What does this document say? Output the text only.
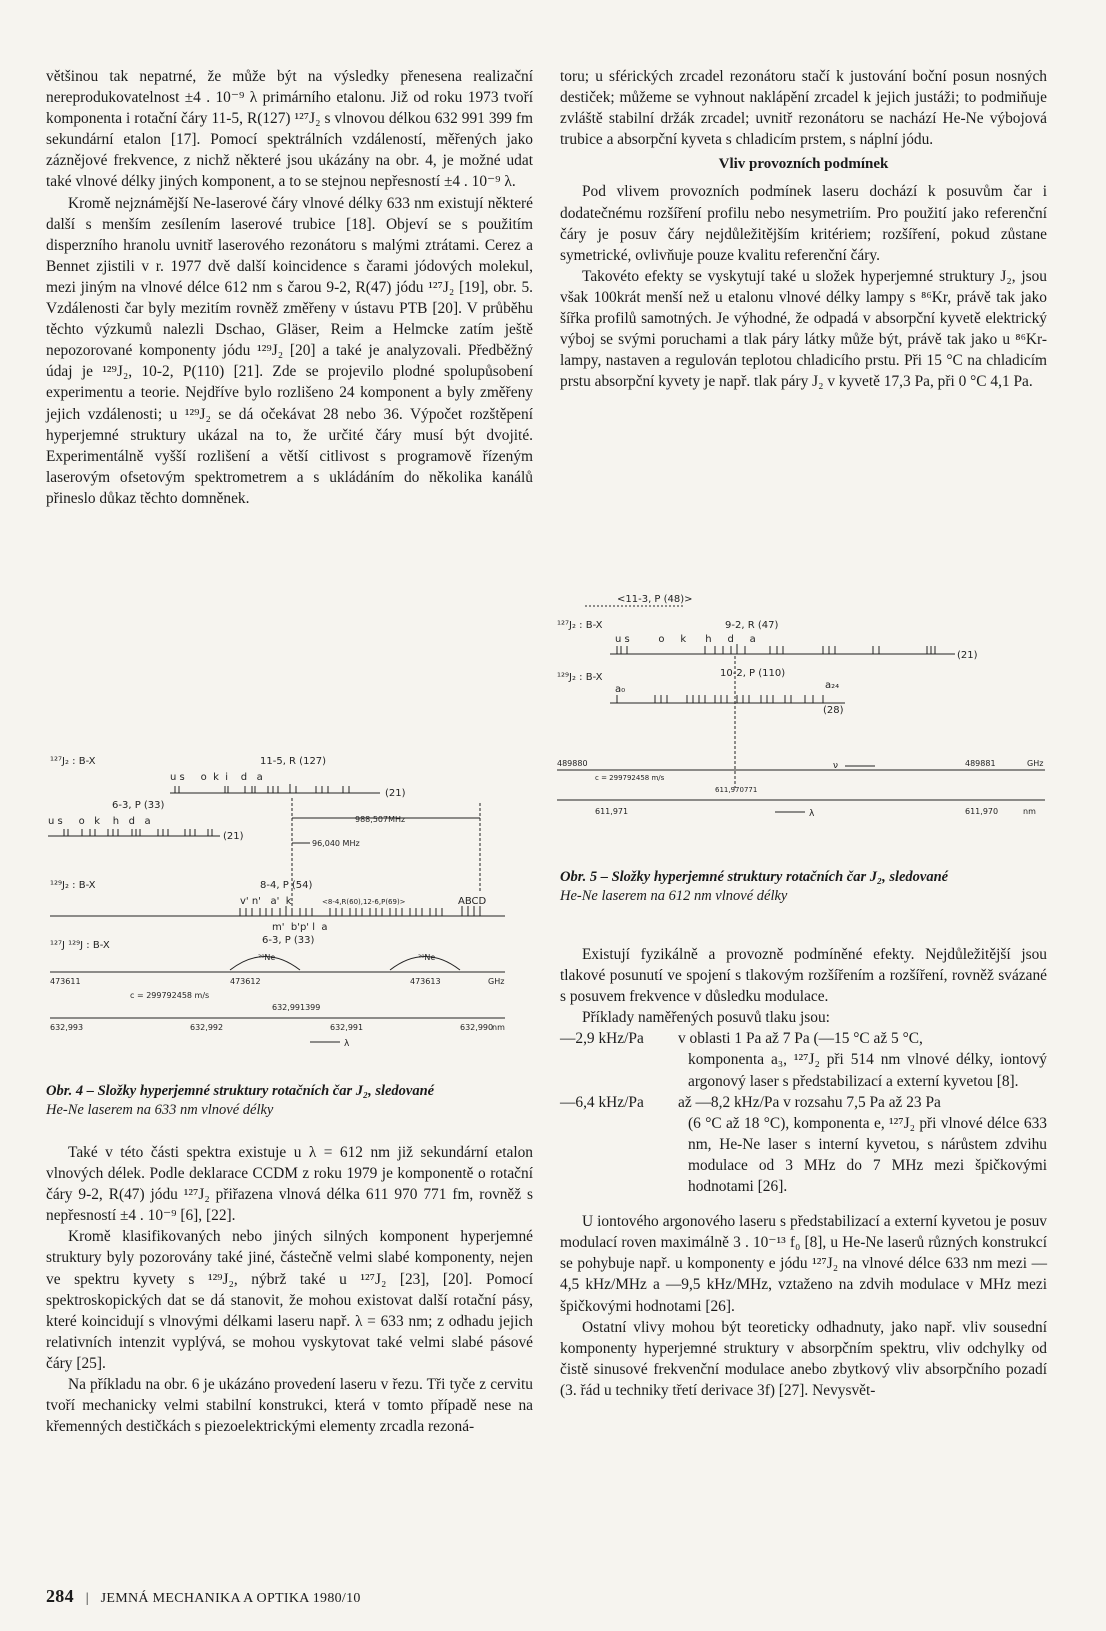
většinou tak nepatrné, že může být na výsledky přenesena realizační nereprodukovatelnost ±4 . 10⁻⁹ λ primárního etalonu. Již od roku 1973 tvoří komponenta i rotační čáry 11-5, R(127) ¹²⁷J₂ s vlnovou délkou 632 991 399 fm sekundární etalon [17]. Pomocí spektrálních vzdáleností, měřených jako záznějové frekvence, z nichž některé jsou ukázány na obr. 4, je možné udat také vlnové délky jiných komponent, a to se stejnou nepřesností ±4 . 10⁻⁹ λ.

Kromě nejznámější Ne-laserové čáry vlnové délky 633 nm existují některé další s menším zesílením laserové trubice [18]. Objeví se s použitím disperzního hranolu uvnitř laserového rezonátoru s malými ztrátami. Cerez a Bennet zjistili v r. 1977 dvě další koincidence s čarami jódových molekul, mezi jiným na vlnové délce 612 nm s čarou 9-2, R(47) jódu ¹²⁷J₂ [19], obr. 5. Vzdálenosti čar byly mezitím rovněž změřeny v ústavu PTB [20]. V průběhu těchto výzkumů nalezli Dschao, Gläser, Reim a Helmcke zatím ještě nepozorované komponenty jódu ¹²⁹J₂ [20] a také je analyzovali. Předběžný údaj je ¹²⁹J₂, 10-2, P(110) [21]. Zde se projevilo plodné spolupůsobení experimentu a teorie. Nejdříve bylo rozlišeno 24 komponent a byly změřeny jejich vzdálenosti; u ¹²⁹J₂ se dá očekávat 28 nebo 36. Výpočet rozštěpení hyperjemné struktury ukázal na to, že určité čáry musí být dvojité. Experimentálně vyšší rozlišení a větší citlivost s programově řízeným laserovým ofsetovým spektrometrem a s ukládáním do několika kanálů přineslo důkaz těchto domněnek.

¹²⁷J₂ : B-X	11-5, R (127)
u s     o  k  i    d   a
(21)
6-3, P (33)
u s     o   k    h   d   a
(21)
988,507MHz
96,040 MHz
¹²⁹J₂ : B-X	8-4, P (54)
v' n'   a'  k	<8-4,R(60),12-6,P(69)>	ABCD
m'  b'p' l  a
¹²⁷J ¹²⁹J : B-X	6-3, P (33)
²⁰Ne	²⁰Ne
473611	473612	473613	GHz
c = 299792458 m/s
632,991399
632,993	632,992	632,991	632,990
nm
λ
Obr. 4 – Složky hyperjemné struktury rotačních čar J₂, sledované
He-Ne laserem na 633 nm vlnové délky

Také v této části spektra existuje u λ = 612 nm již sekundární etalon vlnových délek. Podle deklarace CCDM z roku 1979 je komponentě o rotační čáry 9-2, R(47) jódu ¹²⁷J₂ přiřazena vlnová délka 611 970 771 fm, rovněž s nepřesností ±4 . 10⁻⁹ [6], [22].

Kromě klasifikovaných nebo jiných silných komponent hyperjemné struktury byly pozorovány také jiné, částečně velmi slabé komponenty, nejen ve spektru kyvety s ¹²⁹J₂, nýbrž také u ¹²⁷J₂ [23], [20]. Pomocí spektroskopických dat se dá stanovit, že mohou existovat další rotační pásy, které koincidují s vlnovými délkami laseru např. λ = 633 nm; z odhadu jejich relativních intenzit vyplývá, se mohou vyskytovat také velmi slabé pásové čáry [25].

Na příkladu na obr. 6 je ukázáno provedení laseru v řezu. Tři tyče z cervitu tvoří mechanicky velmi stabilní konstrukci, která v tomto případě nese na křemenných destičkách s piezoelektrickými elementy zrcadla rezoná-

toru; u sférických zrcadel rezonátoru stačí k justování boční posun nosných destiček; můžeme se vyhnout naklápění zrcadel k jejich justáži; to podmiňuje zvláště stabilní držák zrcadel; uvnitř rezonátoru se nachází He-Ne výbojová trubice a absorpční kyveta s chladicím prstem, s náplní jódu.

Vliv provozních podmínek

Pod vlivem provozních podmínek laseru dochází k posuvům čar i dodatečnému rozšíření profilu nebo nesymetriím. Pro použití jako referenční čáry je posuv čáry nejdůležitějším kritériem; rozšíření, pokud zůstane symetrické, ovlivňuje pouze kvalitu referenční čáry.

Takovéto efekty se vyskytují také u složek hyperjemné struktury J₂, jsou však 100krát menší než u etalonu vlnové délky lampy s ⁸⁶Kr, právě tak jako šířka profilů samotných. Je výhodné, že odpadá v absorpční kyvetě elektrický výboj se svými poruchami a tlak páry látky může být, právě tak jako u ⁸⁶Kr-lampy, nastaven a regulován teplotou chladicího prstu. Při 15 °C na chladicím prstu absorpční kyvety je např. tlak páry J₂ v kyvetě 17,3 Pa, při 0 °C 4,1 Pa.

<11-3, P (48)>
¹²⁷J₂ : B-X	9-2, R (47)
u s         o     k      h     d     a
(21)
¹²⁹J₂ : B-X	10-2, P (110)
a₀	a₂₄
(28)
489880	489881	GHz
ν
c = 299792458 m/s
611,970771
611,971	611,970	nm
λ
Obr. 5 – Složky hyperjemné struktury rotačních čar J₂, sledované
He-Ne laserem na 612 nm vlnové délky

Existují fyzikálně a provozně podmíněné efekty. Nejdůležitější jsou tlakové posunutí ve spojení s tlakovým rozšířením a rozšíření, rovněž svázané s posuvem frekvence v důsledku modulace.

Příklady naměřených posuvů tlaku jsou:

—2,9 kHz/Pa v oblasti 1 Pa až 7 Pa (—15 °C až 5 °C,
komponenta a₃, ¹²⁷J₂ při 514 nm vlnové délky, iontový argonový laser s předstabilizací a externí kyvetou [8].
—6,4 kHz/Pa až —8,2 kHz/Pa v rozsahu 7,5 Pa až 23 Pa
(6 °C až 18 °C), komponenta e, ¹²⁷J₂ při vlnové délce 633 nm, He-Ne laser s interní kyvetou, s nárůstem zdvihu modulace od 3 MHz do 7 MHz mezi špičkovými hodnotami [26].

U iontového argonového laseru s předstabilizací a externí kyvetou je posuv modulací roven maximálně 3 . 10⁻¹³ f₀ [8], u He-Ne laserů různých konstrukcí se pohybuje např. u komponenty e jódu ¹²⁷J₂ na vlnové délce 633 nm mezi —4,5 kHz/MHz a —9,5 kHz/MHz, vztaženo na zdvih modulace v MHz mezi špičkovými hodnotami [26].

Ostatní vlivy mohou být teoreticky odhadnuty, jako např. vliv sousední komponenty hyperjemné struktury v absorpčním spektru, vliv odchylky od čistě sinusové frekvenční modulace anebo zbytkový vliv absorpčního pozadí (3. řád u techniky třetí derivace 3f) [27]. Nevysvět-

284 | JEMNÁ MECHANIKA A OPTIKA 1980/10
